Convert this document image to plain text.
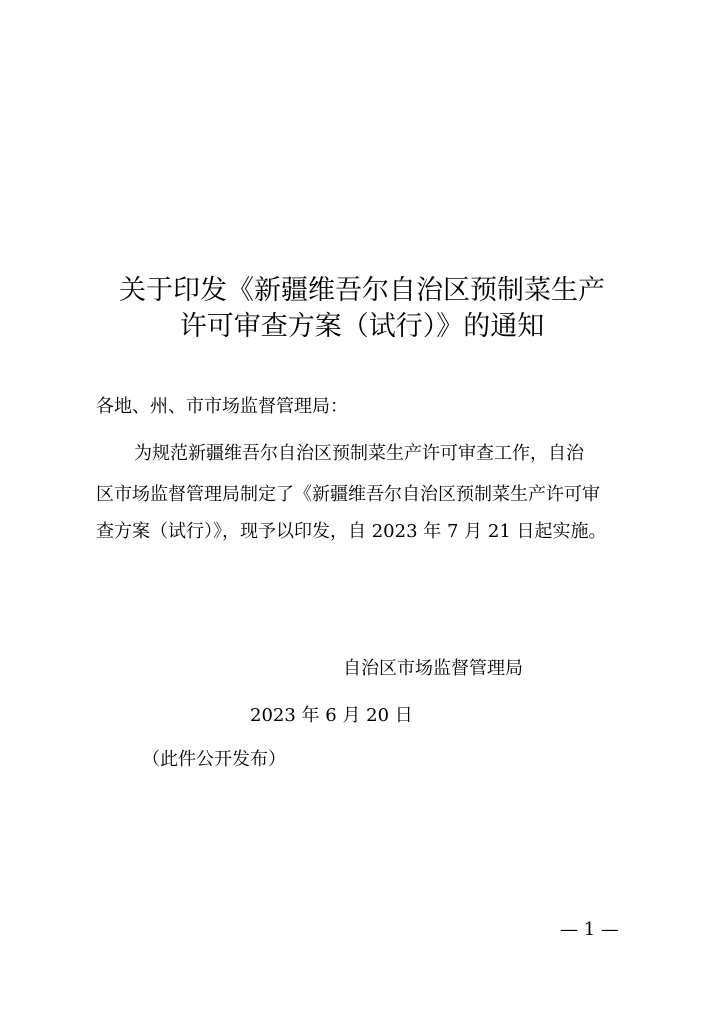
关于印发《新疆维吾尔自治区预制菜生产
许可审查方案（试行）》的通知
各地、州、市市场监督管理局：
为规范新疆维吾尔自治区预制菜生产许可审查工作，自治
区市场监督管理局制定了《新疆维吾尔自治区预制菜生产许可审
查方案（试行）》，现予以印发，自 2023 年 7 月 21 日起实施。
自治区市场监督管理局
2023 年 6 月 20 日
（此件公开发布）
— 1 —
